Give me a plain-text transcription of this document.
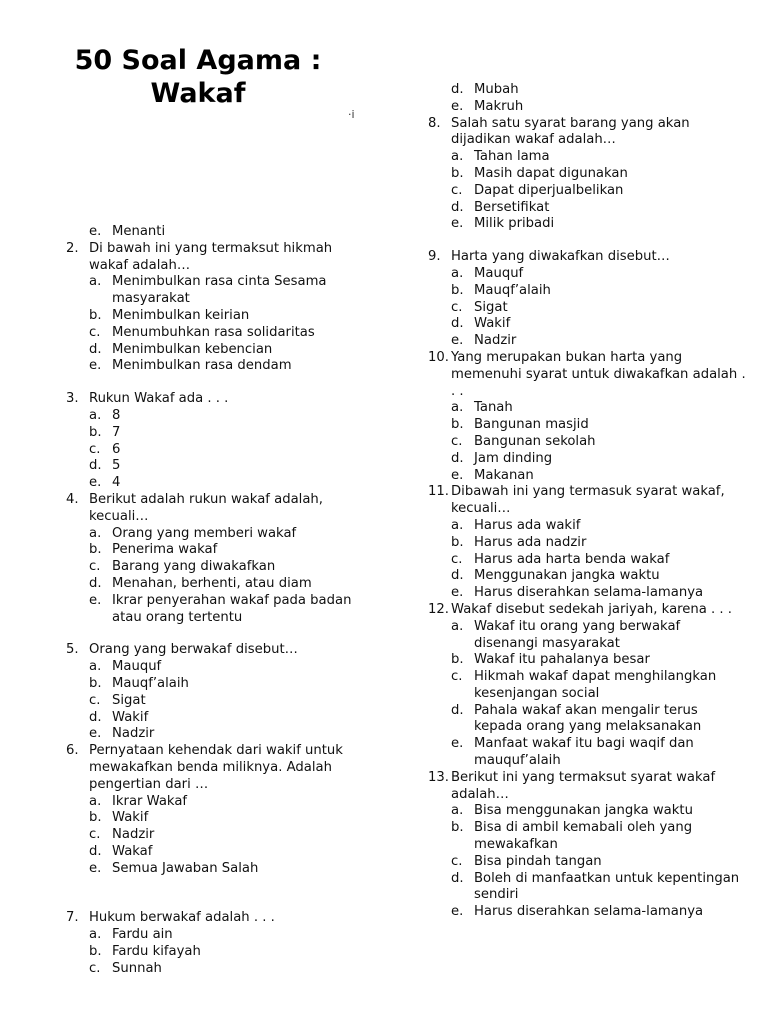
50 Soal Agama :
Wakaf
·i
e. Menanti
2. Di bawah ini yang termaksut hikmah wakaf adalah…
a. Menimbulkan rasa cinta Sesama masyarakat
b. Menimbulkan keirian
c. Menumbuhkan rasa solidaritas
d. Menimbulkan kebencian
e. Menimbulkan rasa dendam
3. Rukun Wakaf ada . . .
a. 8
b. 7
c. 6
d. 5
e. 4
4. Berikut adalah rukun wakaf adalah, kecuali…
a. Orang yang memberi wakaf
b. Penerima wakaf
c. Barang yang diwakafkan
d. Menahan, berhenti, atau diam
e. Ikrar penyerahan wakaf pada badan atau orang tertentu
5. Orang yang berwakaf disebut…
a. Mauquf
b. Mauqf’alaih
c. Sigat
d. Wakif
e. Nadzir
6. Pernyataan kehendak dari wakif untuk mewakafkan benda miliknya. Adalah pengertian dari …
a. Ikrar Wakaf
b. Wakif
c. Nadzir
d. Wakaf
e. Semua Jawaban Salah
7. Hukum berwakaf adalah . . .
a. Fardu ain
b. Fardu kifayah
c. Sunnah
d. Mubah
e. Makruh
8. Salah satu syarat barang yang akan dijadikan wakaf adalah…
a. Tahan lama
b. Masih dapat digunakan
c. Dapat diperjualbelikan
d. Bersetifikat
e. Milik pribadi
9. Harta yang diwakafkan disebut…
a. Mauquf
b. Mauqf’alaih
c. Sigat
d. Wakif
e. Nadzir
10. Yang merupakan bukan harta yang memenuhi syarat untuk diwakafkan adalah . . .
a. Tanah
b. Bangunan masjid
c. Bangunan sekolah
d. Jam dinding
e. Makanan
11. Dibawah ini yang termasuk syarat wakaf, kecuali…
a. Harus ada wakif
b. Harus ada nadzir
c. Harus ada harta benda wakaf
d. Menggunakan jangka waktu
e. Harus diserahkan selama-lamanya
12. Wakaf disebut sedekah jariyah, karena . . .
a. Wakaf itu orang yang berwakaf disenangi masyarakat
b. Wakaf itu pahalanya besar
c. Hikmah wakaf dapat menghilangkan kesenjangan social
d. Pahala wakaf akan mengalir terus kepada orang yang melaksanakan
e. Manfaat wakaf itu bagi waqif dan mauquf’alaih
13. Berikut ini yang termaksut syarat wakaf adalah…
a. Bisa menggunakan jangka waktu
b. Bisa di ambil kemabali oleh yang mewakafkan
c. Bisa pindah tangan
d. Boleh di manfaatkan untuk kepentingan sendiri
e. Harus diserahkan selama-lamanya
